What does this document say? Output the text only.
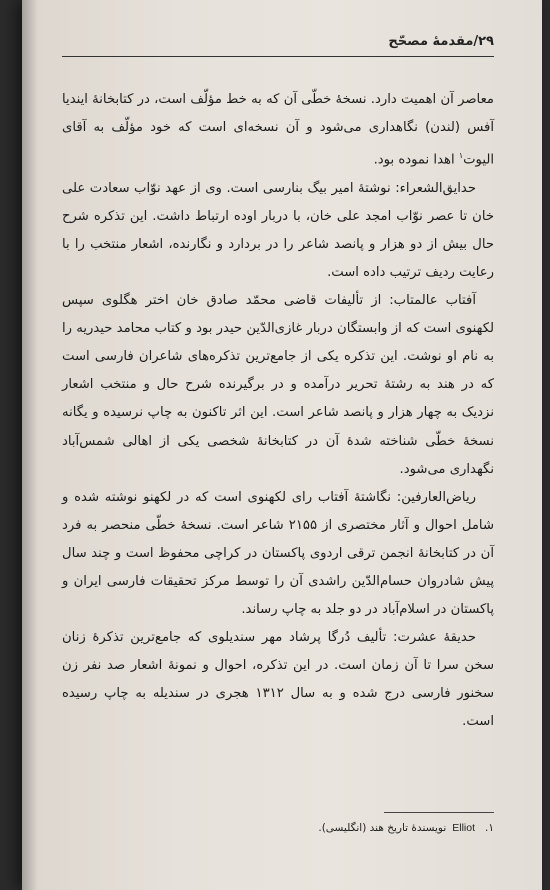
۲۹/مقدمهٔ مصحّح

معاصر آن اهمیت دارد. نسخهٔ خطّی آن که به خط مؤلّف است، در کتابخانهٔ ایندیا آفس (لندن) نگاهداری می‌شود و آن نسخه‌ای است که خود مؤلّف به آقای الیوت$^۱$ اهدا نموده بود.

حدایق‌الشعراء: نوشتهٔ امیر بیگ بنارسی است. وی از عهد نوّاب سعادت علی خان تا عصر نوّاب امجد علی خان، با دربار اوده ارتباط داشت. این تذکره شرح حال بیش از دو هزار و پانصد شاعر را در بردارد و نگارنده، اشعار منتخب را با رعایت ردیف ترتیب داده است.

آفتاب عالمتاب: از تألیفات قاضی محمّد صادق خان اختر هگلوی سپس لکهنوی است که از وابستگان دربار غازی‌الدّین حیدر بود و کتاب محامد حیدریه را به نام او نوشت. این تذکره یکی از جامع‌ترین تذکره‌های شاعران فارسی است که در هند به رشتهٔ تحریر درآمده و در برگیرنده شرح حال و منتخب اشعار نزدیک به چهار هزار و پانصد شاعر است. این اثر تاکنون به چاپ نرسیده و یگانه نسخهٔ خطّی شناخته شدهٔ آن در کتابخانهٔ شخصی یکی از اهالی شمس‌آباد نگهداری می‌شود.

ریاض‌العارفین: نگاشتهٔ آفتاب رای لکهنوی است که در لکهنو نوشته شده و شامل احوال و آثار مختصری از ۲۱۵۵ شاعر است. نسخهٔ خطّی منحصر به فرد آن در کتابخانهٔ انجمن ترقی اردوی پاکستان در کراچی محفوظ است و چند سال پیش شادروان حسام‌الدّین راشدی آن را توسط مرکز تحقیقات فارسی ایران و پاکستان در اسلام‌آباد در دو جلد به چاپ رساند.

حدیقهٔ عشرت: تألیف دُرگا پرشاد مهر سندیلوی که جامع‌ترین تذکرهٔ زنان سخن سرا تا آن زمان است. در این تذکره، احوال و نمونهٔ اشعار صد نفر زن سخنور فارسی درج شده و به سال ۱۳۱۲ هجری در سندیله به چاپ رسیده است.

۱.Elliotنویسندهٔ تاریخ هند (انگلیسی).
